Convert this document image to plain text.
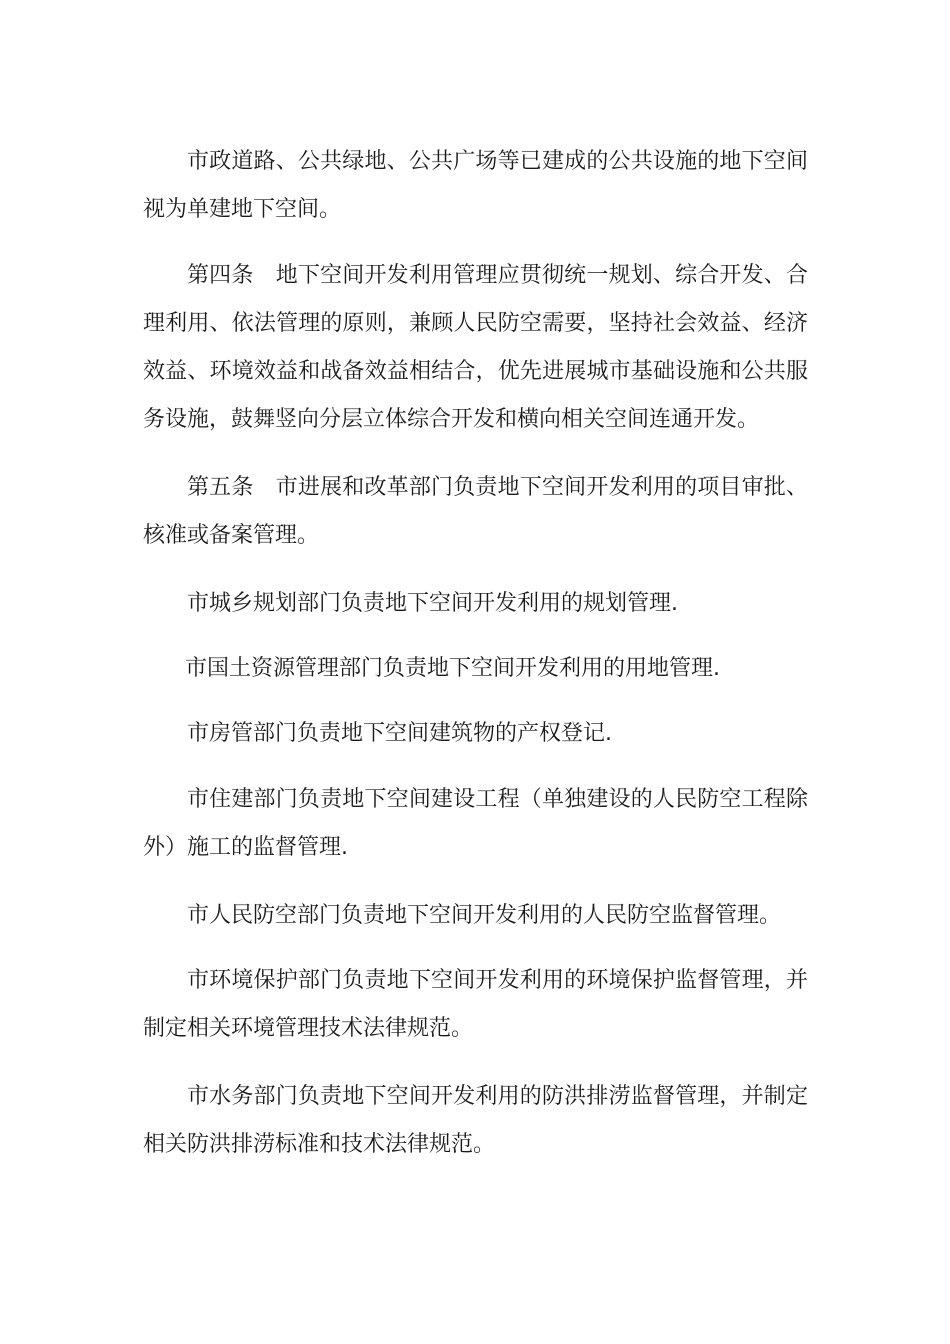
市政道路、公共绿地、公共广场等已建成的公共设施的地下空间视为单建地下空间。

第四条　地下空间开发利用管理应贯彻统一规划、综合开发、合理利用、依法管理的原则，兼顾人民防空需要，坚持社会效益、经济效益、环境效益和战备效益相结合，优先进展城市基础设施和公共服务设施，鼓舞竖向分层立体综合开发和横向相关空间连通开发。

第五条　市进展和改革部门负责地下空间开发利用的项目审批、核准或备案管理。

市城乡规划部门负责地下空间开发利用的规划管理.

市国土资源管理部门负责地下空间开发利用的用地管理.

市房管部门负责地下空间建筑物的产权登记.

市住建部门负责地下空间建设工程（单独建设的人民防空工程除外）施工的监督管理.

市人民防空部门负责地下空间开发利用的人民防空监督管理。

市环境保护部门负责地下空间开发利用的环境保护监督管理，并制定相关环境管理技术法律规范。

市水务部门负责地下空间开发利用的防洪排涝监督管理，并制定相关防洪排涝标准和技术法律规范。
